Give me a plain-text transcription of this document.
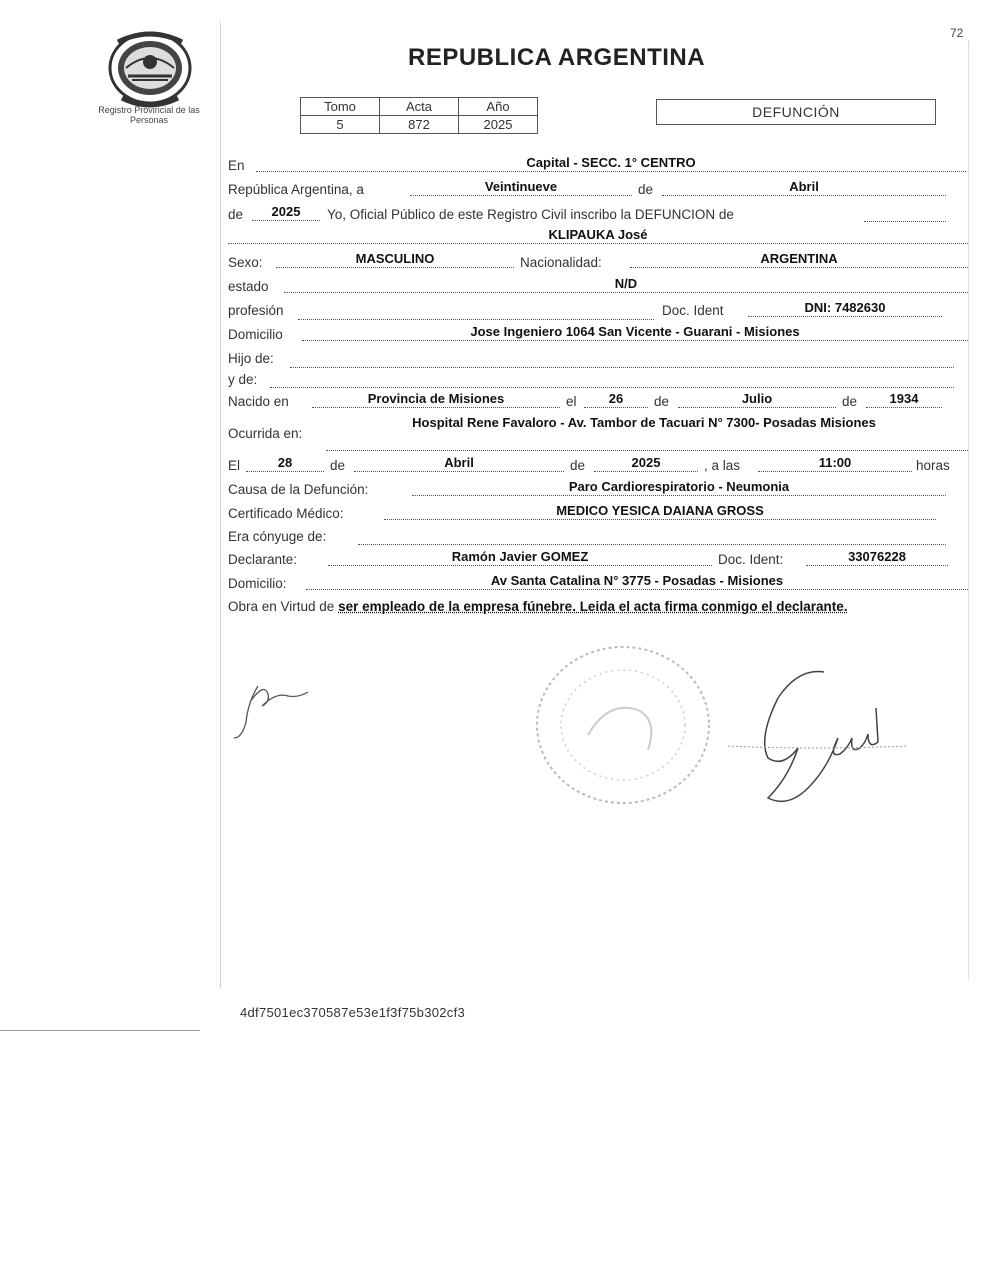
72
Registro Provincial de las Personas
REPUBLICA ARGENTINA
Tomo	Acta	Año
5	872	2025
DEFUNCIÓN
En	Capital - SECC. 1° CENTRO
República Argentina, a	Veintinueve	de	Abril
de	2025	Yo, Oficial Público de este Registro Civil inscribo la DEFUNCION de
KLIPAUKA José
Sexo:	MASCULINO	Nacionalidad:	ARGENTINA
estado	N/D
profesión	Doc. Ident	DNI: 7482630
Domicilio	Jose Ingeniero 1064 San Vicente - Guarani - Misiones
Hijo de:
y de:
Nacido en	Provincia de Misiones	el	26	de	Julio	de	1934
Ocurrida en:
Hospital Rene Favaloro - Av. Tambor de Tacuari N° 7300- Posadas Misiones
El	28	de	Abril	de	2025	, a las	11:00	horas
Causa de la Defunción:	Paro Cardiorespiratorio - Neumonia
Certificado Médico:	MEDICO YESICA DAIANA GROSS
Era cónyuge de:
Declarante:	Ramón Javier GOMEZ	Doc. Ident:	33076228
Domicilio:	Av Santa Catalina N° 3775 - Posadas - Misiones
Obra en Virtud de ser empleado de la empresa fúnebre. Leida el acta firma conmigo el declarante.
4df7501ec370587e53e1f3f75b302cf3
